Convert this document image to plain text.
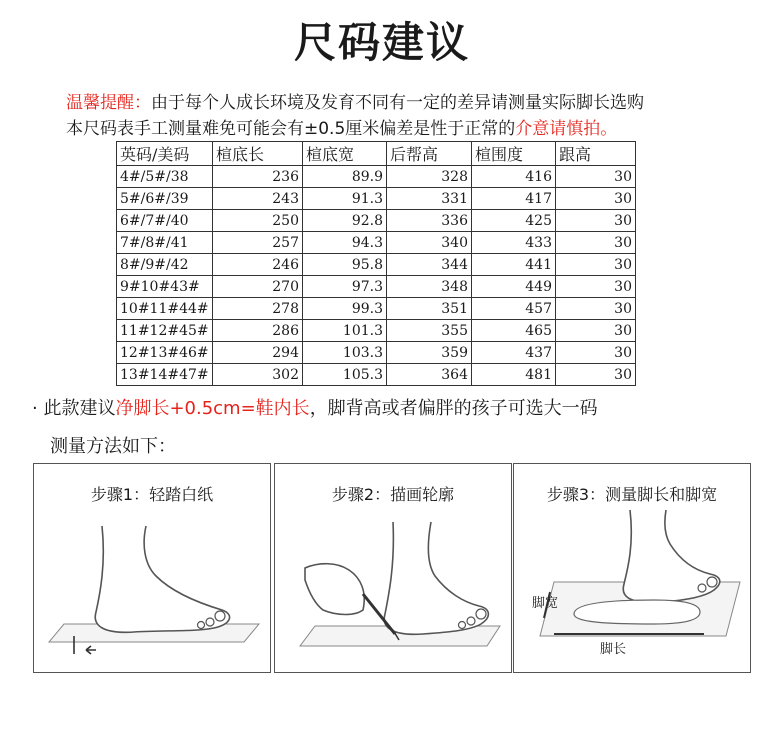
尺码建议
温馨提醒：由于每个人成长环境及发育不同有一定的差异请测量实际脚长选购
本尺码表手工测量难免可能会有±0.5厘米偏差是性于正常的介意请慎拍。
英码/美码	楦底长	楦底宽	后帮高	楦围度	跟高
4#/5#/38	236	89.9	328	416	30
5#/6#/39	243	91.3	331	417	30
6#/7#/40	250	92.8	336	425	30
7#/8#/41	257	94.3	340	433	30
8#/9#/42	246	95.8	344	441	30
9#10#43#	270	97.3	348	449	30
10#11#44#	278	99.3	351	457	30
11#12#45#	286	101.3	355	465	30
12#13#46#	294	103.3	359	437	30
13#14#47#	302	105.3	364	481	30
· 此款建议净脚长+0.5cm=鞋内长，脚背高或者偏胖的孩子可选大一码
测量方法如下：
步骤1：轻踏白纸	步骤2：描画轮廓	步骤3：测量脚长和脚宽
脚宽
脚长
